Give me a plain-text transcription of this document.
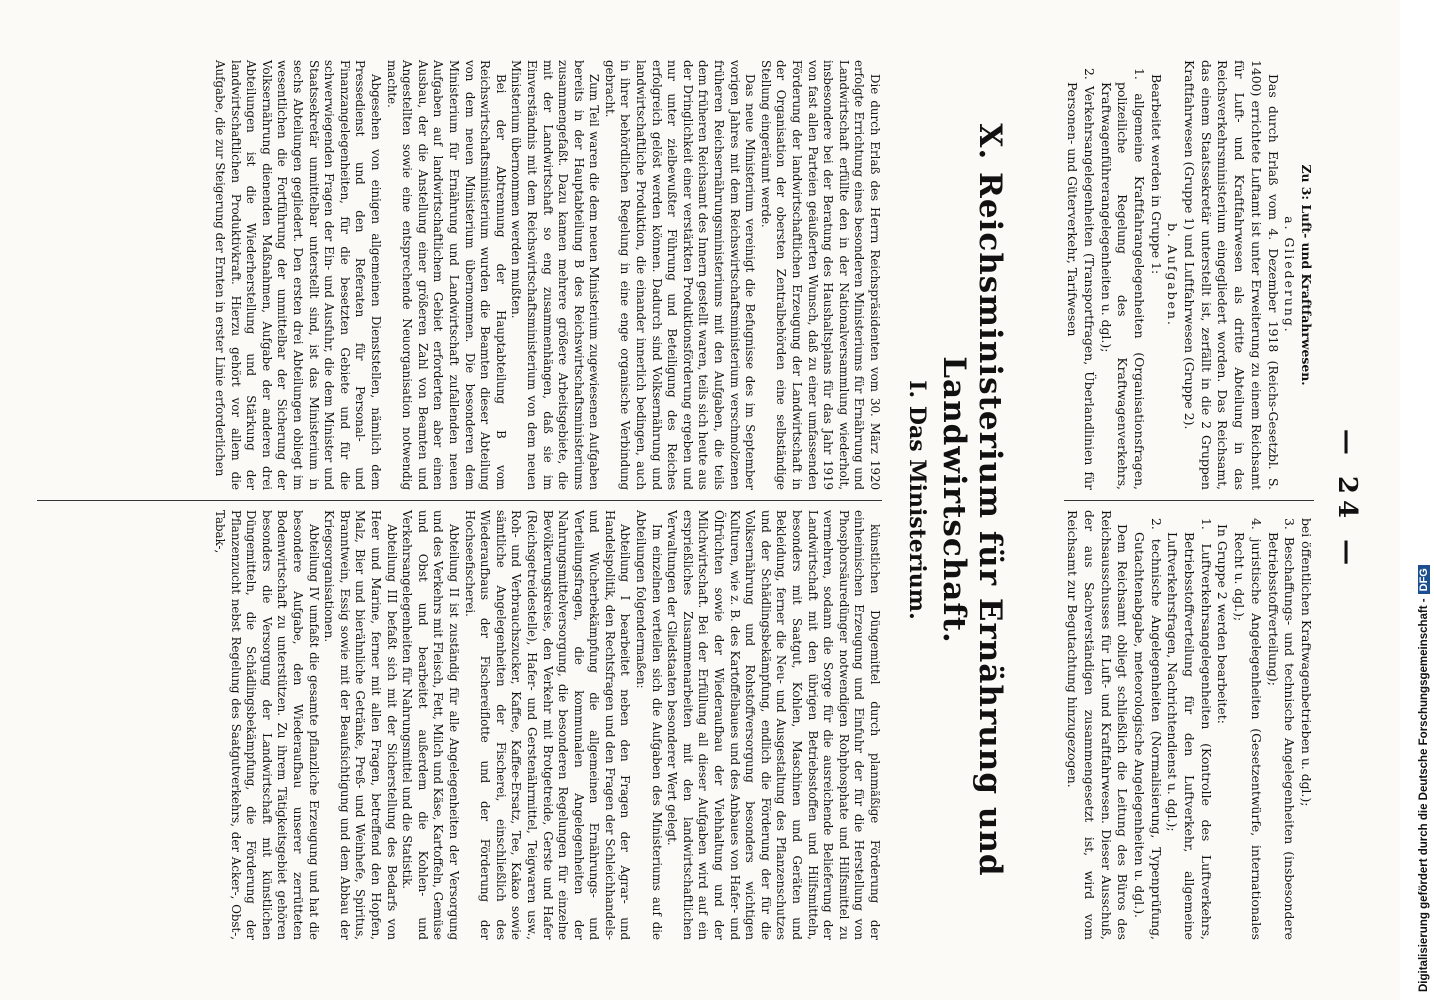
— 24 —
Zu 3: Luft- und Kraftfahrwesen.
a. Gliederung.

Das durch Erlaß vom 4. Dezember 1918 (Reichs-Gesetzbl. S. 1400) errichtete Luftamt ist unter Erweiterung zu einem Reichsamt für Luft- und Kraftfahrwesen als dritte Abteilung in das Reichsverkehrsministerium eingegliedert worden. Das Reichsamt, das einem Staatssekretär unterstellt ist, zerfällt in die 2 Gruppen Kraftfahrwesen (Gruppe 1) und Luftfahrwesen (Gruppe 2).

b. Aufgaben.

Bearbeitet werden in Gruppe 1:

1. allgemeine Kraftfahrangelegenheiten (Organisationsfragen, polizeiliche Regelung des Kraftwagenverkehrs, Kraftwagenführerangelegenheiten u. dgl.);

2. Verkehrsangelegenheiten (Transportfragen, Überlandlinien für Personen- und Güterverkehr, Tarifwesen

bei öffentlichen Kraftwagenbetrieben u. dgl.);

3. Beschaffungs- und technische Angelegenheiten (insbesondere Betriebsstoffverteilung);

4. juristische Angelegenheiten (Gesetzentwürfe, internationales Recht u. dgl.);

In Gruppe 2 werden bearbeitet:

1. Luftverkehrsangelegenheiten (Kontrolle des Luftverkehrs, Betriebsstoffverteilung für den Luftverkehr, allgemeine Luftverkehrsfragen, Nachrichtendienst u. dgl.);

2. technische Angelegenheiten (Normalisierung, Typenprüfung, Gutachtenabgabe, meteorologische Angelegenheiten u. dgl.).

Dem Reichsamt obliegt schließlich die Leitung des Büros des Reichsausschusses für Luft- und Kraftfahrwesen. Dieser Ausschuß, der aus Sachverständigen zusammengesetzt ist, wird vom Reichsamt zur Begutachtung hinzugezogen.

X. Reichsministerium für Ernährung und Landwirtschaft.
I. Das Ministerium.

Die durch Erlaß des Herrn Reichspräsidenten vom 30. März 1920 erfolgte Errichtung eines besonderen Ministeriums für Ernährung und Landwirtschaft erfüllte den in der Nationalversammlung wiederholt, insbesondere bei der Beratung des Haushaltsplans für das Jahr 1919 von fast allen Parteien geäußerten Wunsch, daß zu einer umfassenden Förderung der landwirtschaftlichen Erzeugung der Landwirtschaft in der Organisation der obersten Zentralbehörden eine selbständige Stellung eingeräumt werde.

Das neue Ministerium vereinigt die Befugnisse des im September vorigen Jahres mit dem Reichswirtschaftsministerium verschmolzenen früheren Reichsernährungsministeriums mit den Aufgaben, die teils dem früheren Reichsamt des Innern gestellt waren, teils sich heute aus der Dringlichkeit einer verstärkten Produktionsförderung ergeben und nur unter zielbewußter Führung und Beteiligung des Reiches erfolgreich gelöst werden können. Dadurch sind Volksernährung und landwirtschaftliche Produktion, die einander innerlich bedingen, auch in ihrer behördlichen Regelung in eine enge organische Verbindung gebracht.

Zum Teil waren die dem neuen Ministerium zugewiesenen Aufgaben bereits in der Hauptabteilung B des Reichswirtschaftsministeriums zusammengefaßt. Dazu kamen mehrere größere Arbeitsgebiete, die mit der Landwirtschaft so eng zusammenhängen, daß sie im Einverständnis mit dem Reichswirtschaftsministerium von dem neuen Ministerium übernommen werden mußten.

Bei der Abtrennung der Hauptabteilung B vom Reichswirtschaftsministerium wurden die Beamten dieser Abteilung von dem neuen Ministerium übernommen. Die besonderen dem Ministerium für Ernährung und Landwirtschaft zufallenden neuen Aufgaben auf landwirtschaftlichem Gebiet erforderten aber einen Ausbau, der die Anstellung einer größeren Zahl von Beamten und Angestellten sowie eine entsprechende Neuorganisation notwendig machte.

Abgesehen von einigen allgemeinen Dienststellen, nämlich dem Pressedienst und den Referaten für Personal- und Finanzangelegenheiten, für die besetzten Gebiete und für die schwerwiegenden Fragen der Ein- und Ausfuhr, die dem Minister und Staatssekretär unmittelbar unterstellt sind, ist das Ministerium in sechs Abteilungen gegliedert. Den ersten drei Abteilungen obliegt im wesentlichen die Fortführung der unmittelbar der Sicherung der Volksernährung dienenden Maßnahmen, Aufgabe der anderen drei Abteilungen ist die Wiederherstellung und Stärkung der landwirtschaftlichen Produktivkraft. Hierzu gehört vor allem die Aufgabe, die zur Steigerung der Ernten in erster Linie erforderlichen

künstlichen Düngemittel durch planmäßige Förderung der einheimischen Erzeugung und Einfuhr der für die Herstellung von Phosphorsäuredünger notwendigen Rohphosphate und Hilfsmittel zu vermehren, sodann die Sorge für die ausreichende Belieferung der Landwirtschaft mit den übrigen Betriebsstoffen und Hilfsmitteln, besonders mit Saatgut, Kohlen, Maschinen und Geräten und Bekleidung, ferner die Neu- und Ausgestaltung des Pflanzenschutzes und der Schädlingsbekämpfung, endlich die Förderung der für die Volksernährung und Rohstoffversorgung besonders wichtigen Kulturen, wie z. B. des Kartoffelbaues und des Anbaues von Hafer- und Ölfrüchten sowie der Wiederaufbau der Viehhaltung und der Milchwirtschaft. Bei der Erfüllung all dieser Aufgaben wird auf ein ersprießliches Zusammenarbeiten mit den landwirtschaftlichen Verwaltungen der Gliedstaaten besonderer Wert gelegt.

Im einzelnen verteilen sich die Aufgaben des Ministeriums auf die Abteilungen folgendermaßen:

Abteilung I bearbeitet neben den Fragen der Agrar- und Handelspolitik, den Rechtsfragen und den Fragen der Schleichhandels- und Wucherbekämpfung die allgemeinen Ernährungs- und Verteilungsfragen, die kommunalen Angelegenheiten der Nahrungsmittelversorgung, die besonderen Regelungen für einzelne Bevölkerungskreise, den Verkehr mit Brotgetreide, Gerste und Hafer (Reichsgetreidestelle), Hafer- und Gerstenährmittel, Teigwaren usw., Roh- und Verbrauchszucker, Kaffee, Kaffee-Ersatz, Tee, Kakao sowie sämtliche Angelegenheiten der Fischerei, einschließlich des Wiederaufbaus der Fischereiflotte und der Förderung der Hochseefischerei.

Abteilung II ist zuständig für alle Angelegenheiten der Versorgung und des Verkehrs mit Fleisch, Fett, Milch und Käse, Kartoffeln, Gemüse und Obst und bearbeitet außerdem die Kohlen- und Verkehrsangelegenheiten für Nahrungsmittel und die Statistik.

Abteilung III befaßt sich mit der Sicherstellung des Bedarfs von Heer und Marine, ferner mit allen Fragen, betreffend den Hopfen, Malz, Bier und bierähnliche Getränke, Preß- und Weinhefe, Spiritus, Branntwein, Essig sowie mit der Beaufsichtigung und dem Abbau der Kriegsorganisationen.

Abteilung IV umfaßt die gesamte pflanzliche Erzeugung und hat die besondere Aufgabe, den Wiederaufbau unserer zerrütteten Bodenwirtschaft zu unterstützen. Zu ihrem Tätigkeitsgebiet gehören besonders die Versorgung der Landwirtschaft mit künstlichen Düngemitteln, die Schädlingsbekämpfung, die Förderung der Pflanzenzucht nebst Regelung des Saatgutverkehrs, der Acker-, Obst-, Tabak-,

Digitalisierung gefördert durch die Deutsche Forschungsgemeinschaft -DFG
